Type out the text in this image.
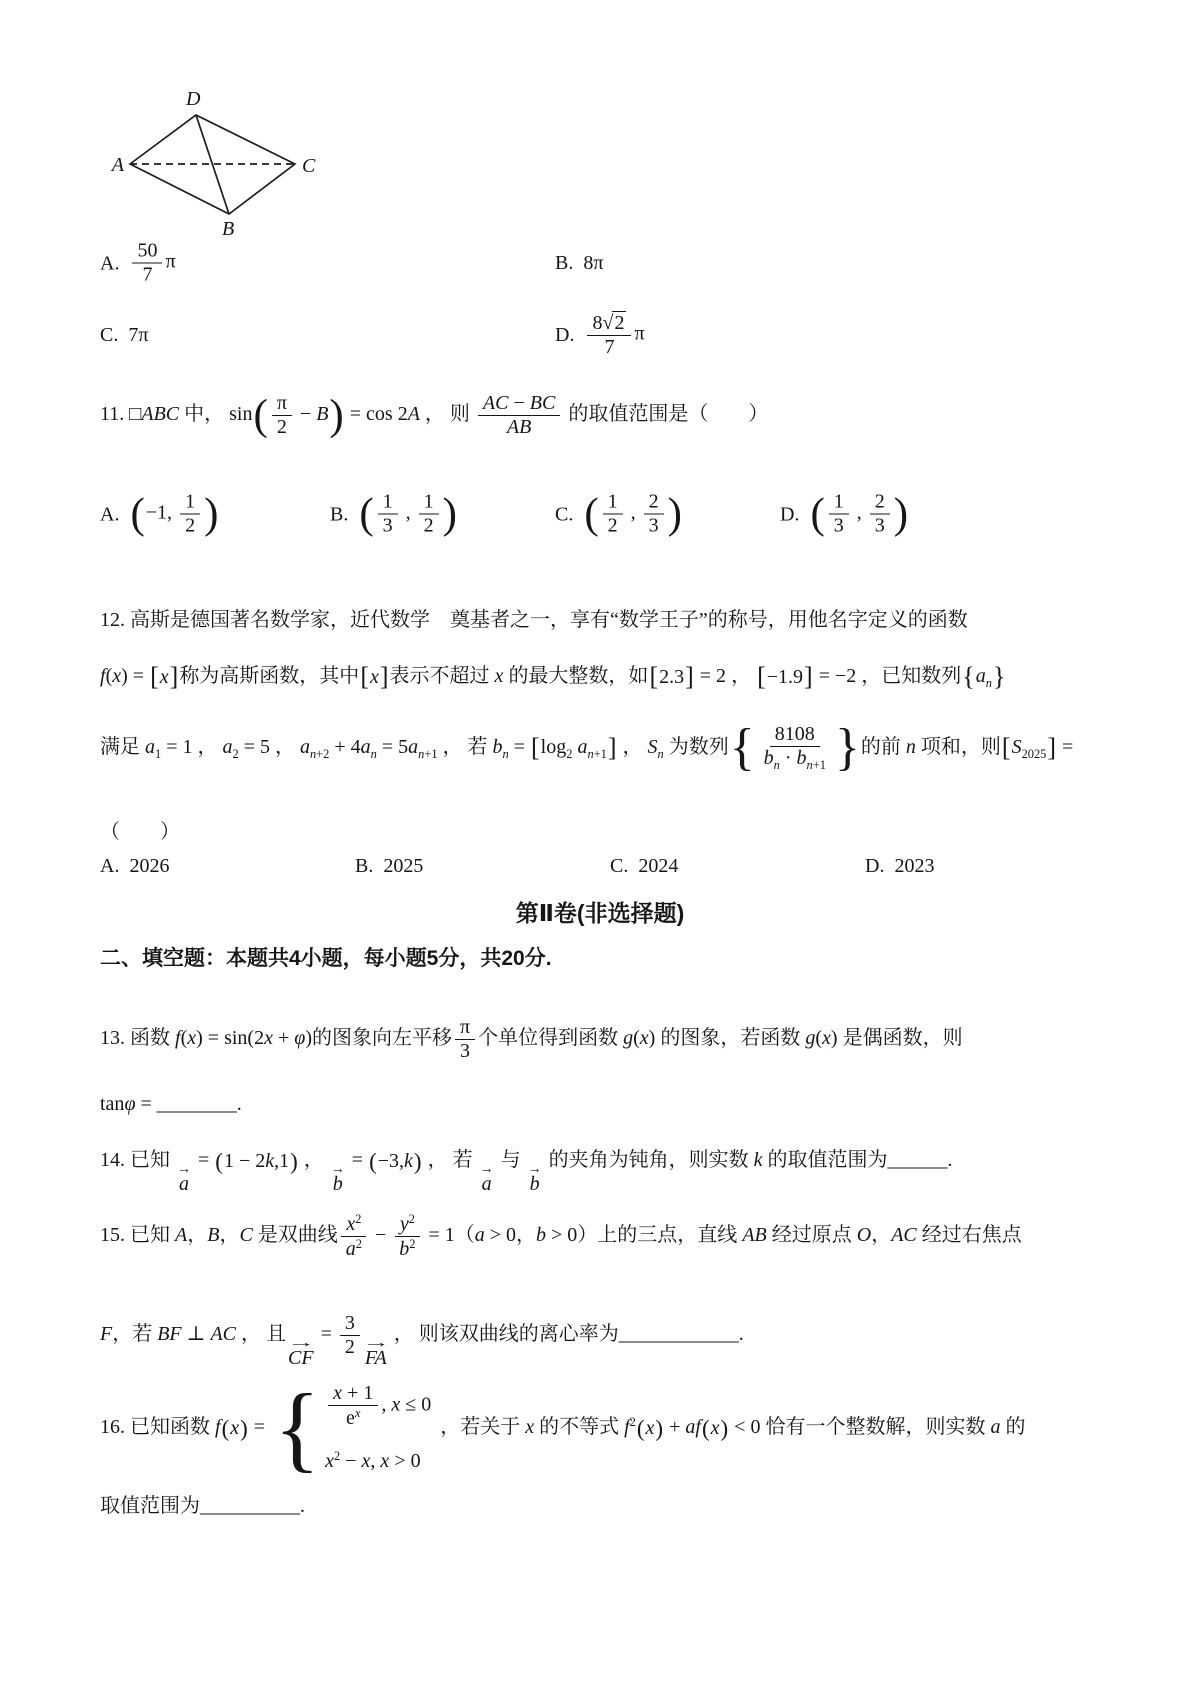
A
D
C
B
A. $\frac{50}{7}$ π	B. 8π
C. 7π	D. $\frac{8√2}{7}$ π
11. □ABC 中， sin ( $\frac{\pi}{2} - B$ ) = cos 2A ， 则 $\frac{AC - BC}{AB}$ 的取值范围是（　　）
A. ( −1, $\frac{1}{2}$ )	B. ( $\frac{1}{3}$ , $\frac{1}{2}$ )	C. ( $\frac{1}{2}$ , $\frac{2}{3}$ )	D. ( $\frac{1}{3}$ , $\frac{2}{3}$ )
12. 高斯是德国著名数学家，近代数学　奠基者之一，享有“数学王子”的称号，用他名字定义的函数
f(x) = [ x ] 称为高斯函数，其中 [ x ] 表示不超过 x 的最大整数，如 [ 2.3 ] = 2 ， [ −1.9 ] = −2 ，已知数列 { $a_n$ }
满足 $a_1 = 1$ ， $a_2 = 5$ ， $a_{n+2} + 4a_n = 5a_{n+1}$ ， 若 $b_n$ = [ $\log_2 a_{n+1}$ ] ， $S_n$ 为数列 { $\frac{8108}{b_n \cdot b_{n+1}}$ } 的前 n 项和，则 [ $S_{2025}$ ] =
（　　）
A. 2026	B. 2025	C. 2024	D. 2023
第Ⅱ卷(非选择题)
二、填空题：本题共4小题，每小题5分，共20分.
13. 函数 f(x) = sin(2x + φ)的图象向左平移 $\frac{\pi}{3}$ 个单位得到函数 g(x) 的图象，若函数 g(x) 是偶函数，则
tanφ = ________.
14. 已知 →
a
= ( 1 − 2k,1 ) ， →
b
= ( −3,k ) ， 若 →
a
与 →
b
的夹角为钝角，则实数 k 的取值范围为______.
15. 已知 A，B，C 是双曲线 $\frac{x^2}{a^2} - \frac{y^2}{b^2} = 1(a > 0$，b > 0）上的三点，直线 AB 经过原点 O，AC 经过右焦点
F，若 BF ⊥ AC ， 且 →
CF
= $\frac{3}{2}$ →
FA
， 则该双曲线的离心率为____________.
16. 已知函数 f ( x ) = { $\frac{x + 1}{e^x}$ , x ≤ 0
$x^2 - x$, x > 0
，若关于 x 的不等式 $f^2$ ( x ) + af ( x ) < 0 恰有一个整数解，则实数 a 的
取值范围为__________.
